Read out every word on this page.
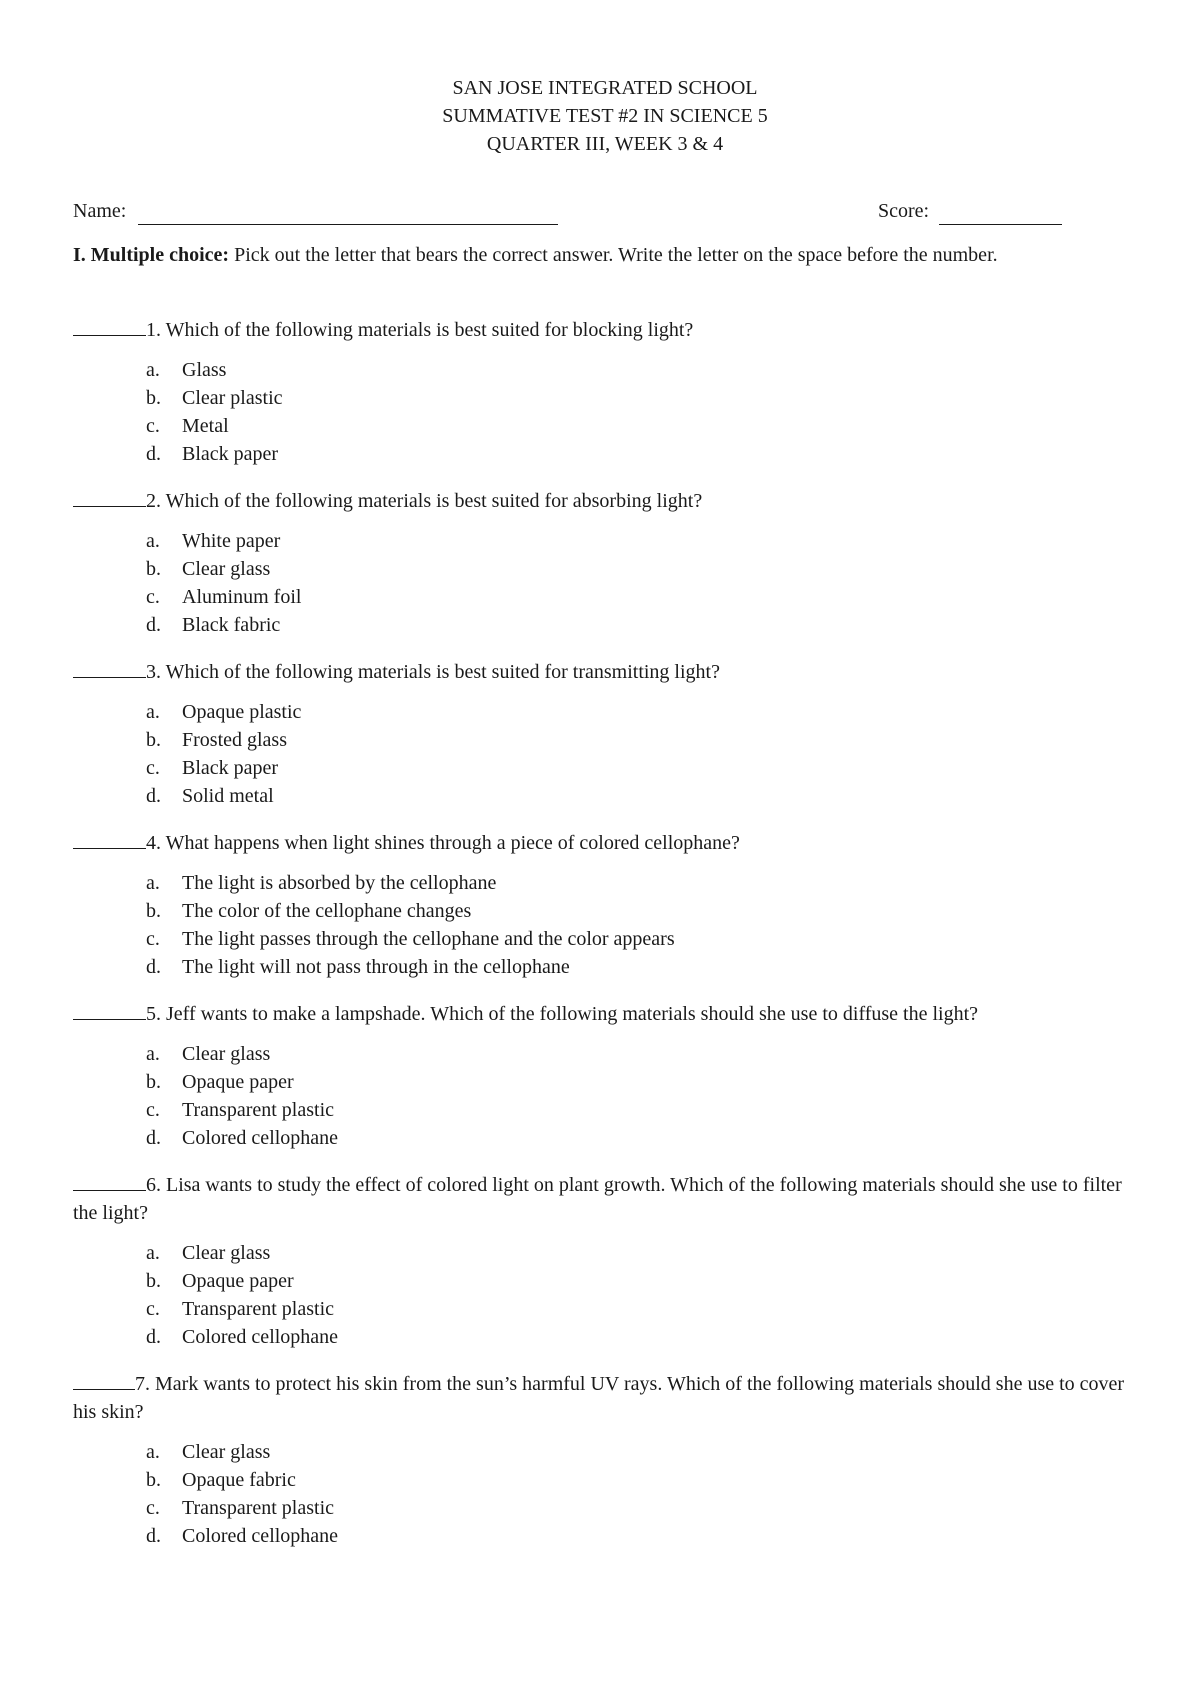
SAN JOSE INTEGRATED SCHOOL
SUMMATIVE TEST #2 IN SCIENCE 5
QUARTER III, WEEK 3 & 4
Name:	Score:
I. Multiple choice: Pick out the letter that bears the correct answer. Write the letter on the space before the number.
1. Which of the following materials is best suited for blocking light?
a. Glass
b. Clear plastic
c. Metal
d. Black paper
2. Which of the following materials is best suited for absorbing light?
a. White paper
b. Clear glass
c. Aluminum foil
d. Black fabric
3. Which of the following materials is best suited for transmitting light?
a. Opaque plastic
b. Frosted glass
c. Black paper
d. Solid metal
4. What happens when light shines through a piece of colored cellophane?
a. The light is absorbed by the cellophane
b. The color of the cellophane changes
c. The light passes through the cellophane and the color appears
d. The light will not pass through in the cellophane
5. Jeff wants to make a lampshade. Which of the following materials should she use to diffuse the light?
a. Clear glass
b. Opaque paper
c. Transparent plastic
d. Colored cellophane
6. Lisa wants to study the effect of colored light on plant growth. Which of the following materials should she use to filter the light?
a. Clear glass
b. Opaque paper
c. Transparent plastic
d. Colored cellophane
7. Mark wants to protect his skin from the sun’s harmful UV rays. Which of the following materials should she use to cover his skin?
a. Clear glass
b. Opaque fabric
c. Transparent plastic
d. Colored cellophane
